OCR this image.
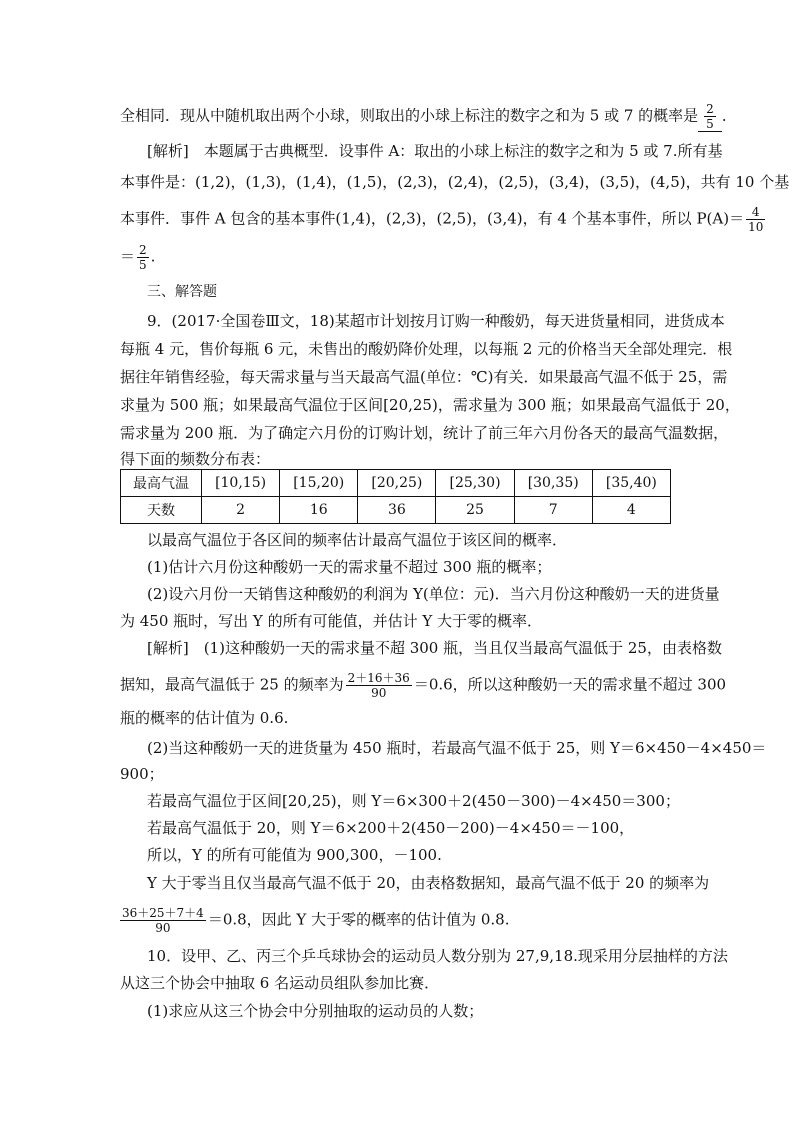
全相同．现从中随机取出两个小球，则取出的小球上标注的数字之和为 5 或 7 的概率是 $\frac{2}{5}$ ．
[解析]　本题属于古典概型．设事件 A：取出的小球上标注的数字之和为 5 或 7.所有基
本事件是：(1,2)，(1,3)，(1,4)，(1,5)，(2,3)，(2,4)，(2,5)，(3,4)，(3,5)，(4,5)，共有 10 个基
本事件．事件 A 包含的基本事件(1,4)，(2,3)，(2,5)，(3,4)，有 4 个基本事件，所以 $P(A)= \frac{4}{10}$
＝ $\frac{2}{5}$ .
三、解答题
9．(2017·全国卷Ⅲ文，18)某超市计划按月订购一种酸奶，每天进货量相同，进货成本
每瓶 4 元，售价每瓶 6 元，未售出的酸奶降价处理，以每瓶 2 元的价格当天全部处理完．根
据往年销售经验，每天需求量与当天最高气温(单位：℃)有关．如果最高气温不低于 25，需
求量为 500 瓶；如果最高气温位于区间[20,25)，需求量为 300 瓶；如果最高气温低于 20，
需求量为 200 瓶．为了确定六月份的订购计划，统计了前三年六月份各天的最高气温数据，
得下面的频数分布表：
最高气温	[10,15)	[15,20)	[20,25)	[25,30)	[30,35)	[35,40)
天数	2	16	36	25	7	4
以最高气温位于各区间的频率估计最高气温位于该区间的概率．
(1)估计六月份这种酸奶一天的需求量不超过 300 瓶的概率；
(2)设六月份一天销售这种酸奶的利润为 Y(单位：元)．当六月份这种酸奶一天的进货量
为 450 瓶时，写出 Y 的所有可能值，并估计 Y 大于零的概率．
[解析]　(1)这种酸奶一天的需求量不超 300 瓶，当且仅当最高气温低于 25，由表格数
据知，最高气温低于 25 的频率为 $\frac{2+16+36}{90} =0.6$，所以这种酸奶一天的需求量不超过 300
瓶的概率的估计值为 0.6.
(2)当这种酸奶一天的进货量为 450 瓶时，若最高气温不低于 25，则 Y＝6×450－4×450＝
900；
若最高气温位于区间[20,25)，则 Y＝6×300＋2(450－300)－4×450＝300；
若最高气温低于 20，则 Y＝6×200＋2(450－200)－4×450＝－100，
所以，Y 的所有可能值为 900,300，－100.
Y 大于零当且仅当最高气温不低于 20，由表格数据知，最高气温不低于 20 的频率为
$\frac{36+25+7+4}{90} =0.8$，因此 Y 大于零的概率的估计值为 0.8.
10．设甲、乙、丙三个乒乓球协会的运动员人数分别为 27,9,18.现采用分层抽样的方法
从这三个协会中抽取 6 名运动员组队参加比赛．
(1)求应从这三个协会中分别抽取的运动员的人数；
